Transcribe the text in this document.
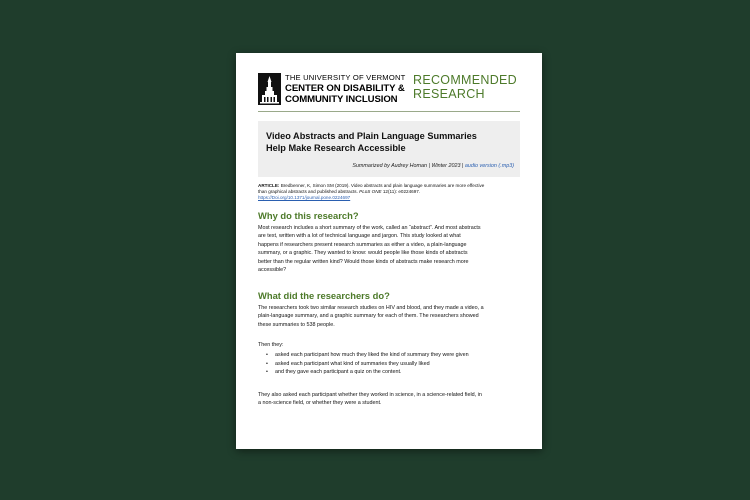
THE UNIVERSITY OF VERMONT
CENTER ON DISABILITY &
COMMUNITY INCLUSION
RECOMMENDED
RESEARCH
Video Abstracts and Plain Language Summaries
Help Make Research Accessible
Summarized by Audrey Homan | Winter 2023 | audio version (.mp3)
ARTICLE: Bredbenner, K, Simon SM (2019). Video abstracts and plain language summaries are more effective
than graphical abstracts and published abstracts. PLoS ONE 12(11): e0224697.
https://Doi.org/10.1371/journal.pone.0224697
Why do this research?
Most research includes a short summary of the work, called an “abstract”. And most abstracts
are text, written with a lot of technical language and jargon. This study looked at what
happens if researchers present research summaries as either a video, a plain-language
summary, or a graphic. They wanted to know: would people like those kinds of abstracts
better than the regular written kind? Would those kinds of abstracts make research more
accessible?
What did the researchers do?
The researchers took two similar research studies on HIV and blood, and they made a video, a
plain-language summary, and a graphic summary for each of them. The researchers showed
these summaries to 538 people.
Then they:
• asked each participant how much they liked the kind of summary they were given
• asked each participant what kind of summaries they usually liked
• and they gave each participant a quiz on the content.
They also asked each participant whether they worked in science, in a science-related field, in
a non-science field, or whether they were a student.
